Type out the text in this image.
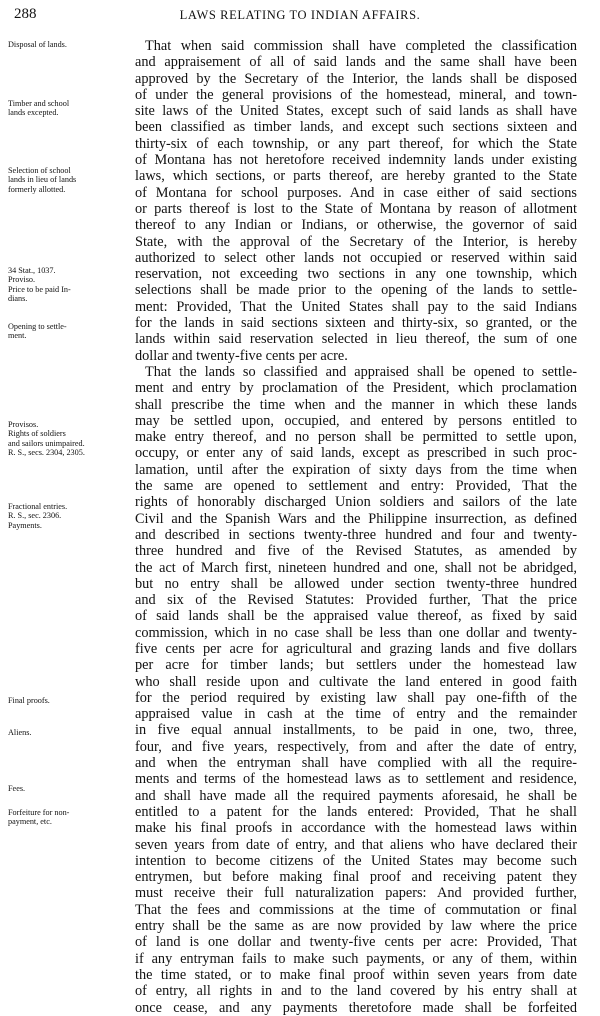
288	LAWS RELATING TO INDIAN AFFAIRS.
Disposal of lands.
Timber and school
lands excepted.
Selection of school
lands in lieu of lands
formerly allotted.
34 Stat., 1037.
Proviso.
Price to be paid In-
dians.
Opening to settle-
ment.
Provisos.
Rights of soldiers
and sailors unimpaired.
R. S., secs. 2304, 2305.
Fractional entries.
R. S., sec. 2306.
Payments.
Final proofs.
Aliens.
Fees.
Forfeiture for non-
payment, etc.
That when said commission shall have completed the classification
and appraisement of all of said lands and the same shall have been
approved by the Secretary of the Interior, the lands shall be disposed
of under the general provisions of the homestead, mineral, and town-
site laws of the United States, except such of said lands as shall have
been classified as timber lands, and except such sections sixteen and
thirty-six of each township, or any part thereof, for which the State
of Montana has not heretofore received indemnity lands under existing
laws, which sections, or parts thereof, are hereby granted to the State
of Montana for school purposes. And in case either of said sections
or parts thereof is lost to the State of Montana by reason of allotment
thereof to any Indian or Indians, or otherwise, the governor of said
State, with the approval of the Secretary of the Interior, is hereby
authorized to select other lands not occupied or reserved within said
reservation, not exceeding two sections in any one township, which
selections shall be made prior to the opening of the lands to settle-
ment: Provided, That the United States shall pay to the said Indians
for the lands in said sections sixteen and thirty-six, so granted, or the
lands within said reservation selected in lieu thereof, the sum of one
dollar and twenty-five cents per acre.
That the lands so classified and appraised shall be opened to settle-
ment and entry by proclamation of the President, which proclamation
shall prescribe the time when and the manner in which these lands
may be settled upon, occupied, and entered by persons entitled to
make entry thereof, and no person shall be permitted to settle upon,
occupy, or enter any of said lands, except as prescribed in such proc-
lamation, until after the expiration of sixty days from the time when
the same are opened to settlement and entry: Provided, That the
rights of honorably discharged Union soldiers and sailors of the late
Civil and the Spanish Wars and the Philippine insurrection, as defined
and described in sections twenty-three hundred and four and twenty-
three hundred and five of the Revised Statutes, as amended by
the act of March first, nineteen hundred and one, shall not be abridged,
but no entry shall be allowed under section twenty-three hundred
and six of the Revised Statutes: Provided further, That the price
of said lands shall be the appraised value thereof, as fixed by said
commission, which in no case shall be less than one dollar and twenty-
five cents per acre for agricultural and grazing lands and five dollars
per acre for timber lands; but settlers under the homestead law
who shall reside upon and cultivate the land entered in good faith
for the period required by existing law shall pay one-fifth of the
appraised value in cash at the time of entry and the remainder
in five equal annual installments, to be paid in one, two, three,
four, and five years, respectively, from and after the date of entry,
and when the entryman shall have complied with all the require-
ments and terms of the homestead laws as to settlement and residence,
and shall have made all the required payments aforesaid, he shall be
entitled to a patent for the lands entered: Provided, That he shall
make his final proofs in accordance with the homestead laws within
seven years from date of entry, and that aliens who have declared their
intention to become citizens of the United States may become such
entrymen, but before making final proof and receiving patent they
must receive their full naturalization papers: And provided further,
That the fees and commissions at the time of commutation or final
entry shall be the same as are now provided by law where the price
of land is one dollar and twenty-five cents per acre: Provided, That
if any entryman fails to make such payments, or any of them, within
the time stated, or to make final proof within seven years from date
of entry, all rights in and to the land covered by his entry shall at
once cease, and any payments theretofore made shall be forfeited
